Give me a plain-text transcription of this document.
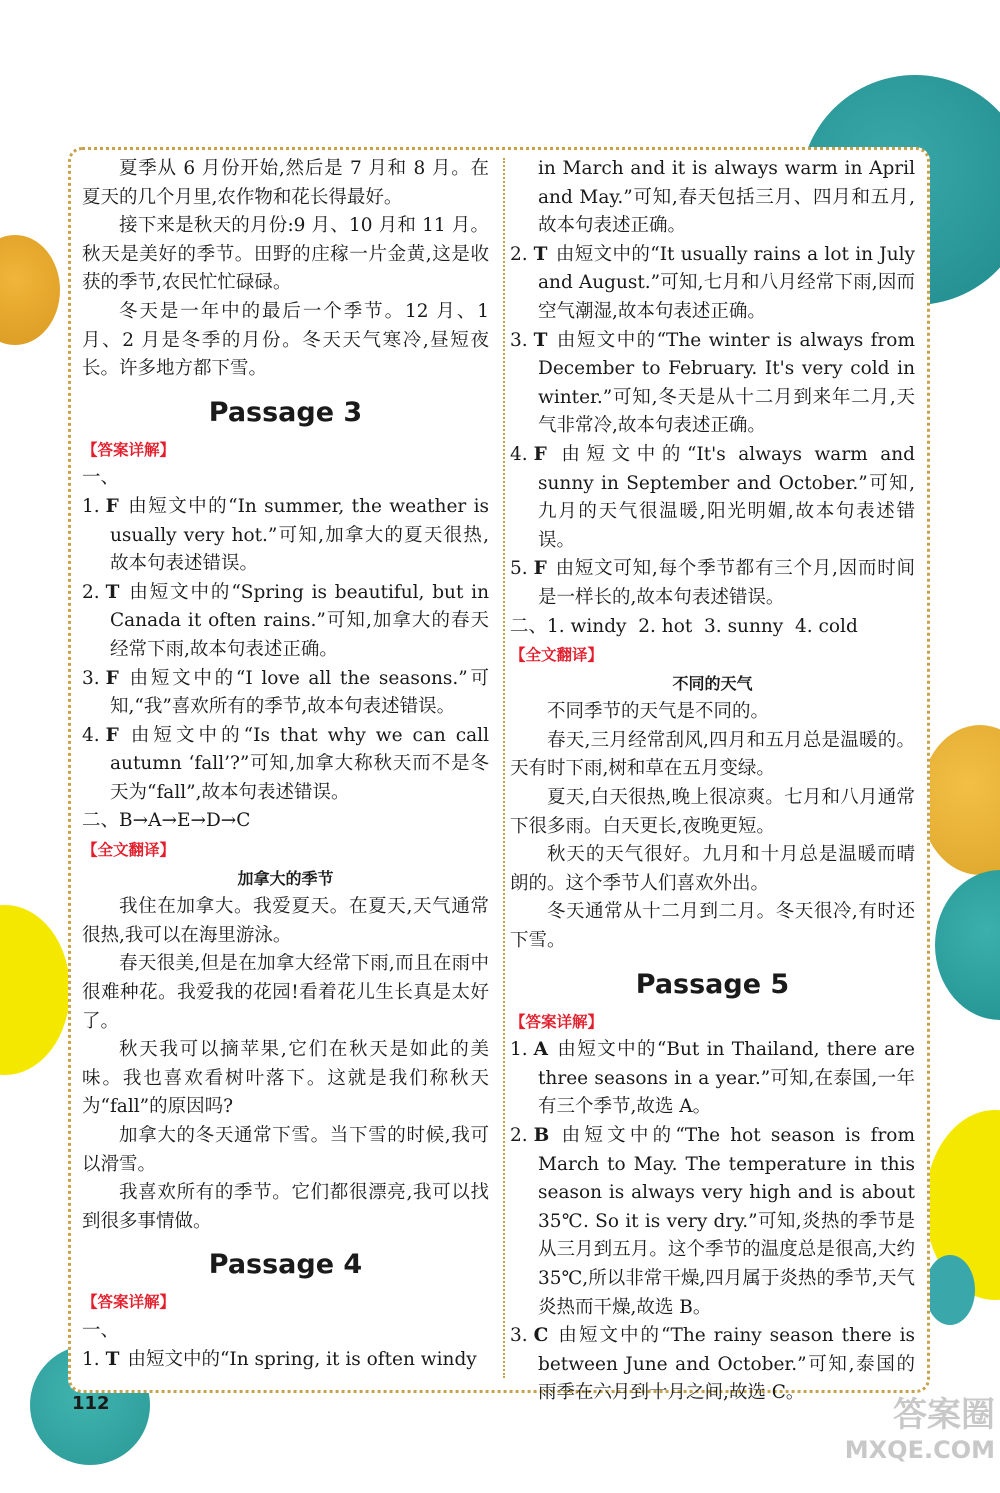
夏季从 6 月份开始,然后是 7 月和 8 月。在夏天的几个月里,农作物和花长得最好。

接下来是秋天的月份:9 月、10 月和 11 月。秋天是美好的季节。田野的庄稼一片金黄,这是收获的季节,农民忙忙碌碌。

冬天是一年中的最后一个季节。12 月、1 月、2 月是冬季的月份。冬天天气寒冷,昼短夜长。许多地方都下雪。

Passage 3
【答案详解】

一、

1. F 由短文中的“In summer, the weather is usually very hot.”可知,加拿大的夏天很热,故本句表述错误。

2. T 由短文中的“Spring is beautiful, but in Canada it often rains.”可知,加拿大的春天经常下雨,故本句表述正确。

3. F 由短文中的“I love all the seasons.”可知,“我”喜欢所有的季节,故本句表述错误。

4. F 由短文中的“Is that why we can call autumn ‘fall’?”可知,加拿大称秋天而不是冬天为“fall”,故本句表述错误。

二、B→A→E→D→C

【全文翻译】

加拿大的季节

我住在加拿大。我爱夏天。在夏天,天气通常很热,我可以在海里游泳。

春天很美,但是在加拿大经常下雨,而且在雨中很难种花。我爱我的花园!看着花儿生长真是太好了。

秋天我可以摘苹果,它们在秋天是如此的美味。我也喜欢看树叶落下。这就是我们称秋天为“fall”的原因吗?

加拿大的冬天通常下雪。当下雪的时候,我可以滑雪。

我喜欢所有的季节。它们都很漂亮,我可以找到很多事情做。

Passage 4
【答案详解】

一、

1. T 由短文中的“In spring, it is often windy

in March and it is always warm in April and May.”可知,春天包括三月、四月和五月,故本句表述正确。

2. T 由短文中的“It usually rains a lot in July and August.”可知,七月和八月经常下雨,因而空气潮湿,故本句表述正确。

3. T 由短文中的“The winter is always from December to February. It's very cold in winter.”可知,冬天是从十二月到来年二月,天气非常冷,故本句表述正确。

4. F 由短文中的“It's always warm and sunny in September and October.”可知,九月的天气很温暖,阳光明媚,故本句表述错误。

5. F 由短文可知,每个季节都有三个月,因而时间是一样长的,故本句表述错误。

二、1. windy  2. hot  3. sunny  4. cold

【全文翻译】

不同的天气

不同季节的天气是不同的。

春天,三月经常刮风,四月和五月总是温暖的。天有时下雨,树和草在五月变绿。

夏天,白天很热,晚上很凉爽。七月和八月通常下很多雨。白天更长,夜晚更短。

秋天的天气很好。九月和十月总是温暖而晴朗的。这个季节人们喜欢外出。

冬天通常从十二月到二月。冬天很冷,有时还下雪。

Passage 5
【答案详解】

1. A 由短文中的“But in Thailand, there are three seasons in a year.”可知,在泰国,一年有三个季节,故选 A。

2. B 由短文中的“The hot season is from March to May. The temperature in this season is always very high and is about 35℃. So it is very dry.”可知,炎热的季节是从三月到五月。这个季节的温度总是很高,大约 35℃,所以非常干燥,四月属于炎热的季节,天气炎热而干燥,故选 B。

3. C 由短文中的“The rainy season there is between June and October.”可知,泰国的雨季在六月到十月之间,故选 C。

112	答案圈
MXQE.COM
